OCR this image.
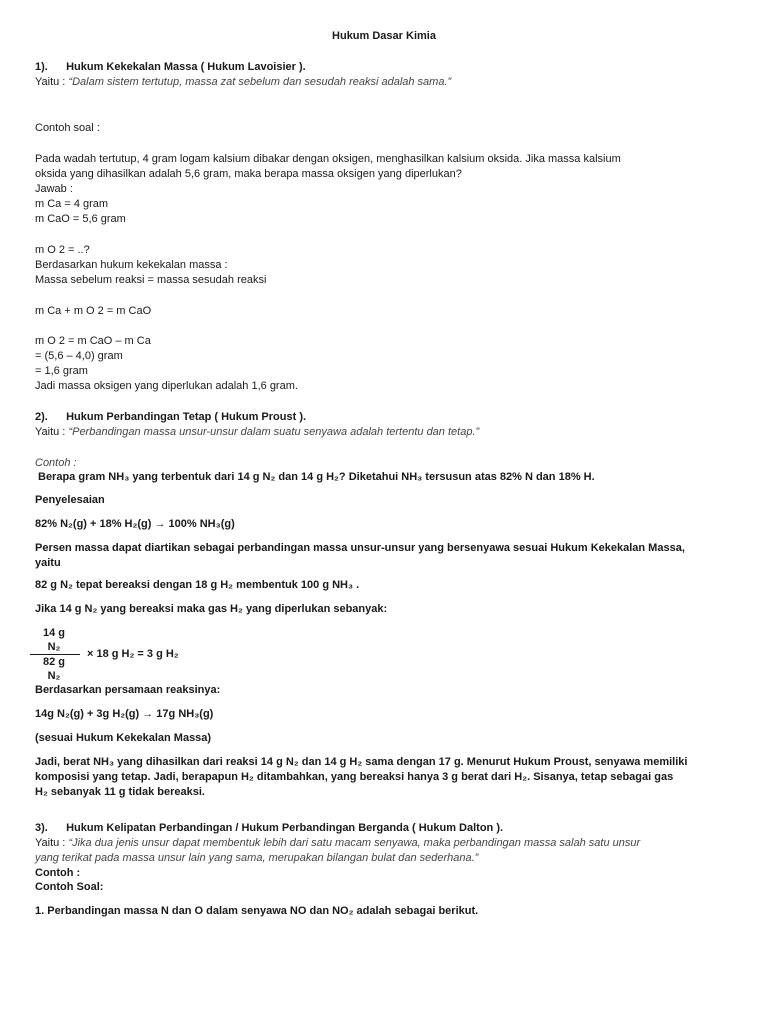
Hukum Dasar Kimia
1). Hukum Kekekalan Massa ( Hukum Lavoisier ).
Yaitu : “Dalam sistem tertutup, massa zat sebelum dan sesudah reaksi adalah sama.”
Contoh soal :
Pada wadah tertutup, 4 gram logam kalsium dibakar dengan oksigen, menghasilkan kalsium oksida. Jika massa kalsium
oksida yang dihasilkan adalah 5,6 gram, maka berapa massa oksigen yang diperlukan?
Jawab :
m Ca = 4 gram
m CaO = 5,6 gram
m O 2 = ..?
Berdasarkan hukum kekekalan massa :
Massa sebelum reaksi = massa sesudah reaksi
m Ca + m O 2 = m CaO
m O 2 = m CaO – m Ca
= (5,6 – 4,0) gram
= 1,6 gram
Jadi massa oksigen yang diperlukan adalah 1,6 gram.
2). Hukum Perbandingan Tetap ( Hukum Proust ).
Yaitu : “Perbandingan massa unsur-unsur dalam suatu senyawa adalah tertentu dan tetap.”
Contoh :
Berapa gram NH₃ yang terbentuk dari 14 g N₂ dan 14 g H₂? Diketahui NH₃ tersusun atas 82% N dan 18% H.
Penyelesaian
82% N₂(g) + 18% H₂(g) → 100% NH₃(g)
Persen massa dapat diartikan sebagai perbandingan massa unsur-unsur yang bersenyawa sesuai Hukum Kekekalan Massa,
yaitu
82 g N₂ tepat bereaksi dengan 18 g H₂ membentuk 100 g NH₃ .
Jika 14 g N₂ yang bereaksi maka gas H₂ yang diperlukan sebanyak:
14 g
N₂
82 g
N₂
× 18 g H₂ = 3 g H₂
Berdasarkan persamaan reaksinya:
14g N₂(g) + 3g H₂(g) → 17g NH₃(g)
(sesuai Hukum Kekekalan Massa)
Jadi, berat NH₃ yang dihasilkan dari reaksi 14 g N₂ dan 14 g H₂ sama dengan 17 g. Menurut Hukum Proust, senyawa memiliki
komposisi yang tetap. Jadi, berapapun H₂ ditambahkan, yang bereaksi hanya 3 g berat dari H₂. Sisanya, tetap sebagai gas
H₂ sebanyak 11 g tidak bereaksi.
3). Hukum Kelipatan Perbandingan / Hukum Perbandingan Berganda ( Hukum Dalton ).
Yaitu : “Jika dua jenis unsur dapat membentuk lebih dari satu macam senyawa, maka perbandingan massa salah satu unsur
yang terikat pada massa unsur lain yang sama, merupakan bilangan bulat dan sederhana.”
Contoh :
Contoh Soal:
1. Perbandingan massa N dan O dalam senyawa NO dan NO₂ adalah sebagai berikut.
